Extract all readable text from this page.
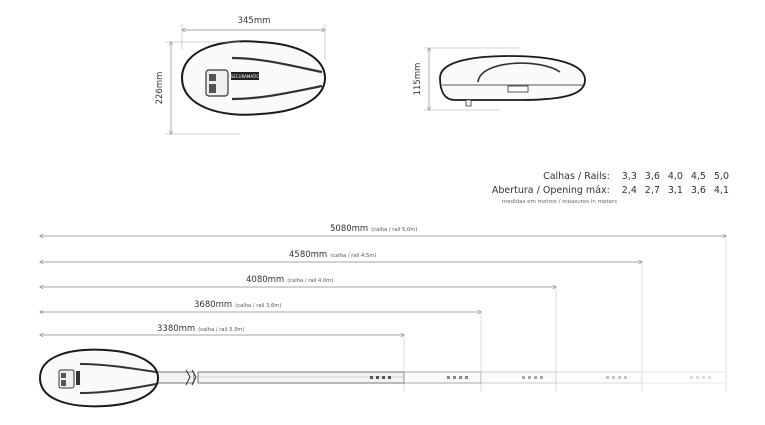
SECURAMATIC
345mm
226mm	115mm
5080mm (calha / rail 5,0m)
4580mm (calha / rail 4,5m)
4080mm (calha / rail 4,0m)
3680mm (calha / rail 3,6m)
3380mm (calha / rail 3,3m)
Calhas / Rails: 3,3 3,6 4,0 4,5 5,0
Abertura / Opening máx: 2,4 2,7 3,1 3,6 4,1
medidas em metros / measures in meters
